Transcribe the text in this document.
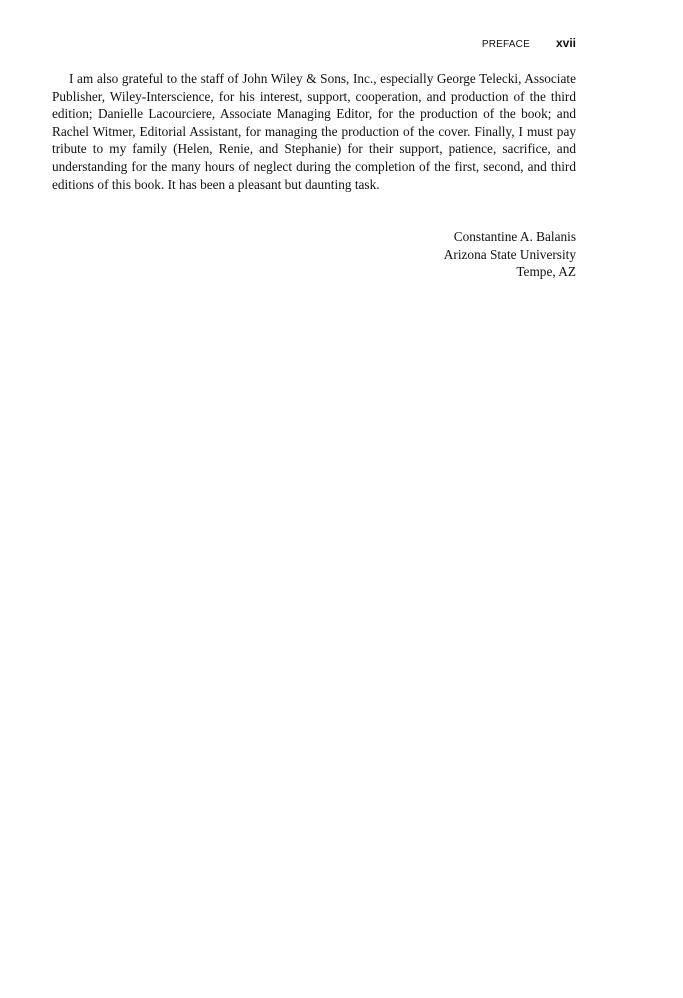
PREFACE xvii

I am also grateful to the staff of John Wiley & Sons, Inc., especially George Telecki, Associate Publisher, Wiley-Interscience, for his interest, support, cooperation, and production of the third edition; Danielle Lacourciere, Associate Managing Editor, for the production of the book; and Rachel Witmer, Editorial Assistant, for managing the production of the cover. Finally, I must pay tribute to my family (Helen, Renie, and Stephanie) for their support, patience, sacrifice, and understanding for the many hours of neglect during the completion of the first, second, and third editions of this book. It has been a pleasant but daunting task.

Constantine A. Balanis
Arizona State University
Tempe, AZ
